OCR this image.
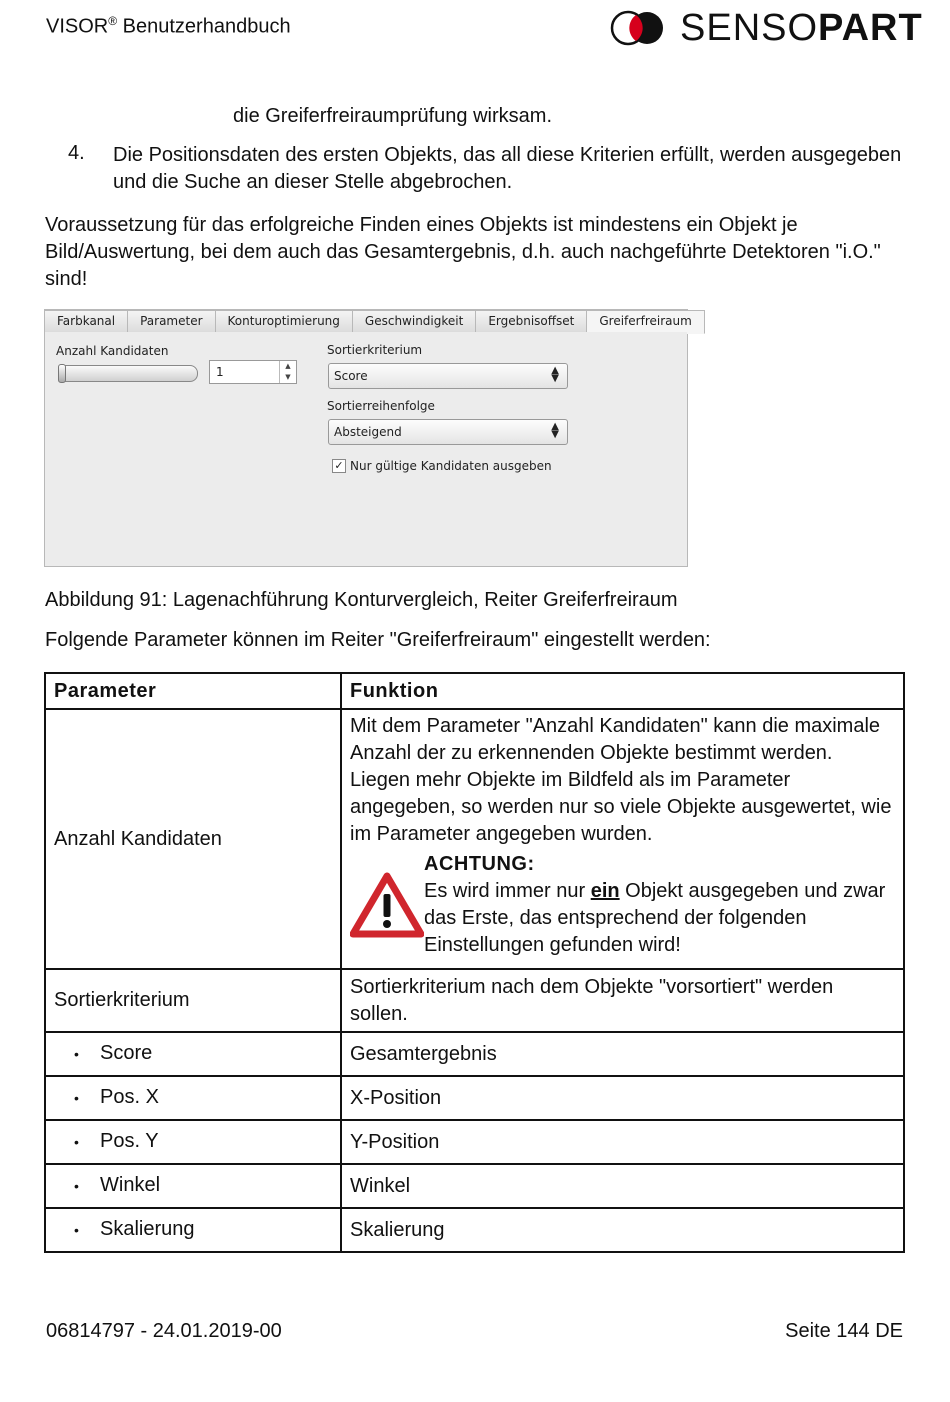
VISOR® Benutzerhandbuch	SENSOPART

die Greiferfreiraumprüfung wirksam.

4. Die Positionsdaten des ersten Objekts, das all diese Kriterien erfüllt, werden ausgegeben und die Suche an dieser Stelle abgebrochen.

Voraussetzung für das erfolgreiche Finden eines Objekts ist mindestens ein Objekt je Bild/Auswertung, bei dem auch das Gesamtergebnis, d.h. auch nachgeführte Detektoren "i.O." sind!

Farbkanal	Parameter	Konturoptimierung	Geschwindigkeit	Ergebnisoffset	Greiferfreiraum
Anzahl Kandidaten
1	▲
▼
Sortierkriterium
Score	▲
▼
Sortierreihenfolge
Absteigend	▲
▼
✓ Nur gültige Kandidaten ausgeben
Abbildung 91: Lagenachführung Konturvergleich, Reiter Greiferfreiraum
Folgende Parameter können im Reiter "Greiferfreiraum" eingestellt werden:
Parameter	Funktion
Anzahl Kandidaten	Mit dem Parameter "Anzahl Kandidaten" kann die maximale Anzahl der zu erkennenden Objekte bestimmt werden. Liegen mehr Objekte im Bildfeld als im Parameter angegeben, so werden nur so viele Objekte ausgewertet, wie im Parameter angegeben wurden.
ACHTUNG:
Es wird immer nur ein Objekt ausgegeben und zwar das Erste, das entsprechend der folgenden Einstellungen gefunden wird!

Sortierkriterium	Sortierkriterium nach dem Objekte "vorsortiert" werden sollen.
• Score	Gesamtergebnis
• Pos. X	X-Position
• Pos. Y	Y-Position
• Winkel	Winkel
• Skalierung	Skalierung
06814797 - 24.01.2019-00	Seite 144 DE
